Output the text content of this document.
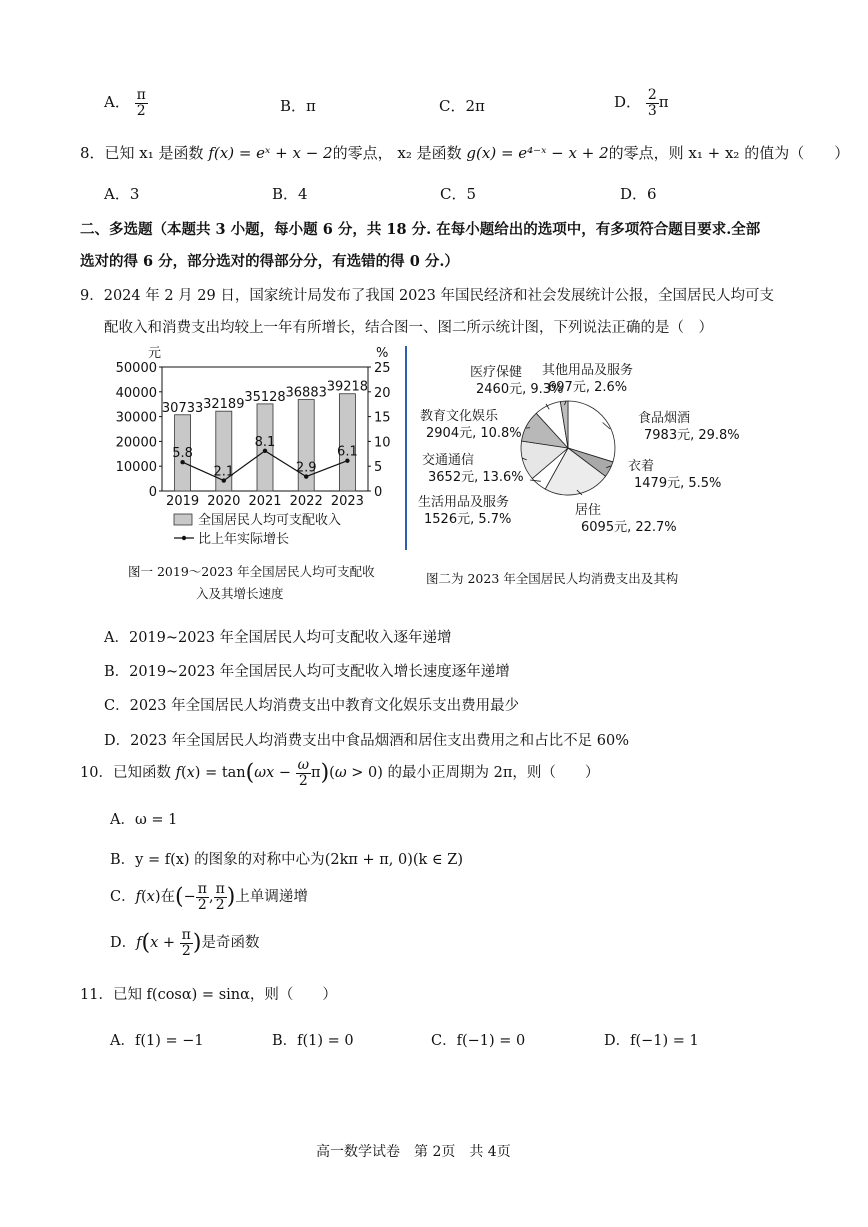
A． $\frac{\pi}{2}$	B．π	C．2π	D． $\frac{2}{3}$ π
8．已知 x₁ 是函数 f(x) = eˣ + x − 2的零点， x₂ 是函数 g(x) = e⁴⁻ˣ − x + 2的零点，则 x₁ + x₂ 的值为（　　）
A．3	B．4	C．5	D．6
二、多选题（本题共 3 小题，每小题 6 分，共 18 分. 在每小题给出的选项中，有多项符合题目要求.全部
选对的得 6 分，部分选对的得部分分，有选错的得 0 分.）
9．2024 年 2 月 29 日，国家统计局发布了我国 2023 年国民经济和社会发展统计公报，全国居民人均可支
配收入和消费支出均较上一年有所增长，结合图一、图二所示统计图，下列说法正确的是（　）
元	%
0
10000
20000
30000
40000
50000
0
5
10
15
20
25
30733
2019
32189
2020
35128
2021
36883
2022
39218
2023
5.8
2.1
8.1
2.9
6.1
全国居民人均可支配收入
比上年实际增长
图一 2019～2023 年全国居民人均可支配收
入及其增长速度
食品烟酒 7983元, 29.8%
衣着 1479元, 5.5%
居住 6095元, 22.7%
生活用品及服务 1526元, 5.7%
交通通信 3652元, 13.6%
教育文化娱乐 2904元, 10.8%
医疗保健 2460元, 9.3%
其他用品及服务 697元, 2.6%
图二为 2023 年全国居民人均消费支出及其构
A．2019~2023 年全国居民人均可支配收入逐年递增
B．2019~2023 年全国居民人均可支配收入增长速度逐年递增
C．2023 年全国居民人均消费支出中教育文化娱乐支出费用最少
D．2023 年全国居民人均消费支出中食品烟酒和居住支出费用之和占比不足 60%
10．已知函数 $f(x) = \tan(\omega x - \frac{\omega}{2} \pi)(\omega > 0)$ 的最小正周期为 2π，则（　　）
A．ω = 1
B．y = f(x) 的图象的对称中心为(2kπ + π, 0)(k ∈ Z)
C．f(x)在(− $\frac{\pi}{2}$ , $\frac{\pi}{2}$ )上单调递增
D．$f(x + \frac{\pi}{2}$ )是奇函数
11．已知 f(cosα) = sinα，则（　　）
A．f(1) = −1	B．f(1) = 0	C．f(−1) = 0	D．f(−1) = 1
高一数学试卷　第 2页　共 4页
